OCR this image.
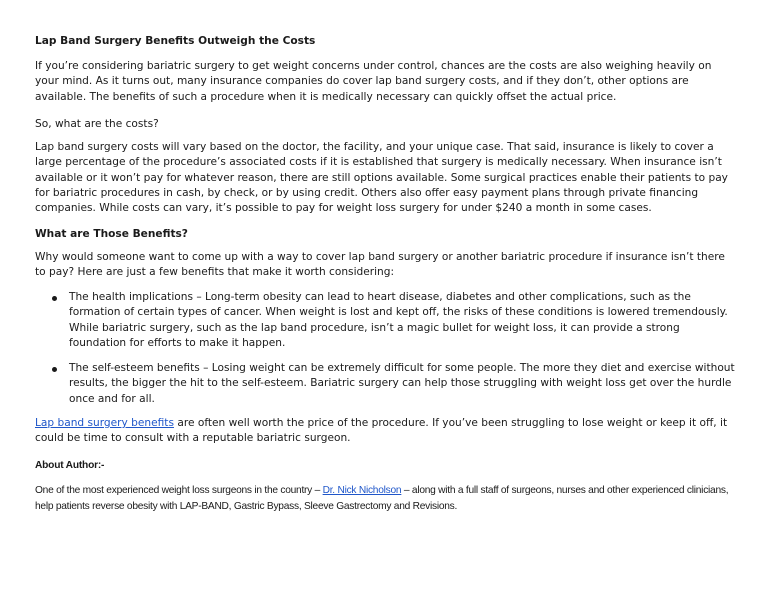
Lap Band Surgery Benefits Outweigh the Costs

If you’re considering bariatric surgery to get weight concerns under control, chances are the costs are also weighing heavily on your mind. As it turns out, many insurance companies do cover lap band surgery costs, and if they don’t, other options are available. The benefits of such a procedure when it is medically necessary can quickly offset the actual price.

So, what are the costs?

Lap band surgery costs will vary based on the doctor, the facility, and your unique case. That said, insurance is likely to cover a large percentage of the procedure’s associated costs if it is established that surgery is medically necessary. When insurance isn’t available or it won’t pay for whatever reason, there are still options available. Some surgical practices enable their patients to pay for bariatric procedures in cash, by check, or by using credit. Others also offer easy payment plans through private financing companies. While costs can vary, it’s possible to pay for weight loss surgery for under $240 a month in some cases.

What are Those Benefits?

Why would someone want to come up with a way to cover lap band surgery or another bariatric procedure if insurance isn’t there to pay? Here are just a few benefits that make it worth considering:

The health implications – Long-term obesity can lead to heart disease, diabetes and other complications, such as the formation of certain types of cancer. When weight is lost and kept off, the risks of these conditions is lowered tremendously. While bariatric surgery, such as the lap band procedure, isn’t a magic bullet for weight loss, it can provide a strong foundation for efforts to make it happen.
The self-esteem benefits – Losing weight can be extremely difficult for some people. The more they diet and exercise without results, the bigger the hit to the self-esteem. Bariatric surgery can help those struggling with weight loss get over the hurdle once and for all.

Lap band surgery benefits are often well worth the price of the procedure. If you’ve been struggling to lose weight or keep it off, it could be time to consult with a reputable bariatric surgeon.

About Author:-

One of the most experienced weight loss surgeons in the country – Dr. Nick Nicholson – along with a full staff of surgeons, nurses and other experienced clinicians, help patients reverse obesity with LAP-BAND, Gastric Bypass, Sleeve Gastrectomy and Revisions.
